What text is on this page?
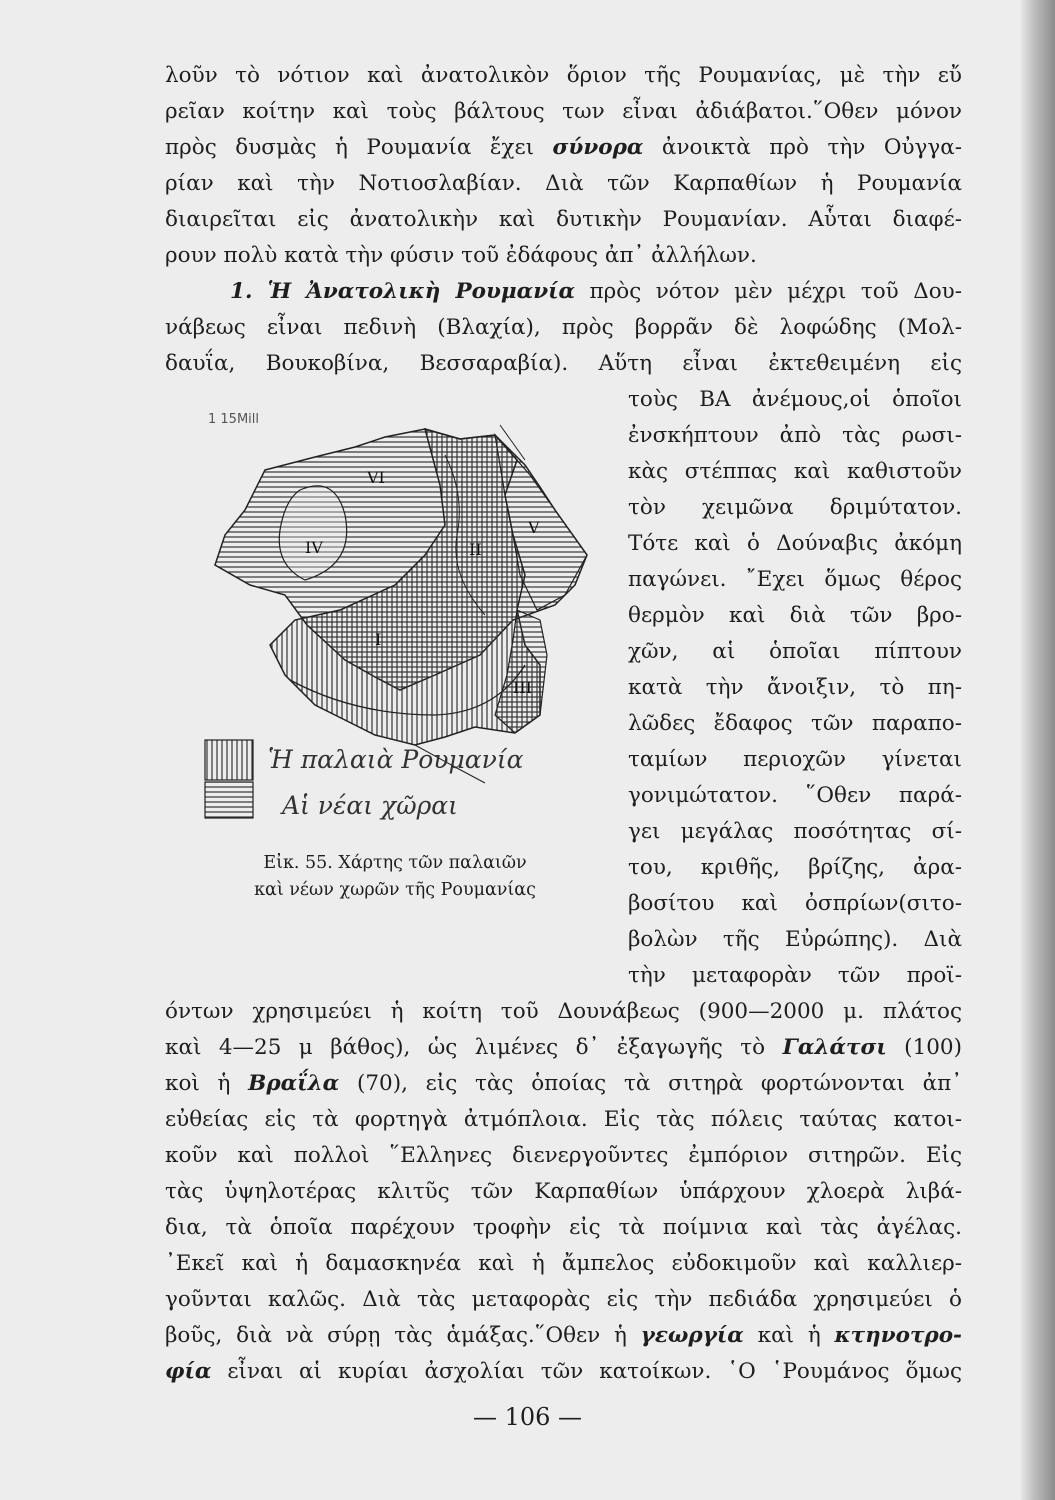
λοῦν τὸ νότιον καὶ ἀνατολικὸν ὅριον τῆς Ρουμανίας, μὲ τὴν εὔ
ρεῖαν κοίτην καὶ τοὺς βάλτους των εἶναι ἀδιάβατοι.῞Οθεν μόνον
πρὸς δυσμὰς ἡ Ρουμανία ἔχει σύνορα ἀνοικτὰ πρὸ τὴν Οὐγγα-
ρίαν καὶ τὴν Νοτιοσλαβίαν. Διὰ τῶν Καρπαθίων ἡ Ρουμανία
διαιρεῖται εἰς ἀνατολικὴν καὶ δυτικὴν Ρουμανίαν. Αὗται διαφέ-
ρουν πολὺ κατὰ τὴν φύσιν τοῦ ἐδάφους ἀπ᾿ ἀλλήλων.
1. Ἡ Ἀνατολικὴ Ρουμανία πρὸς νότον μὲν μέχρι τοῦ Δου-
νάβεως εἶναι πεδινὴ (Βλαχία), πρὸς βορρᾶν δὲ λοφώδης (Μολ-
δαυΐα, Βουκοβίνα, Βεσσαραβία). Αὕτη εἶναι ἐκτεθειμένη εἰς
τοὺς ΒΑ ἀνέμους,οἱ ὁποῖοι
ἐνσκήπτουν ἀπὸ τὰς ρωσι-
κὰς στέππας καὶ καθιστοῦν
τὸν χειμῶνα δριμύτατον.
Τότε καὶ ὁ Δούναβις ἀκόμη
παγώνει. ῎Εχει ὅμως θέρος
θερμὸν καὶ διὰ τῶν βρο-
χῶν, αἱ ὁποῖαι πίπτουν
κατὰ τὴν ἄνοιξιν, τὸ πη-
λῶδες ἔδαφος τῶν παραπο-
ταμίων περιοχῶν γίνεται
γονιμώτατον. ῞Οθεν παρά-
γει μεγάλας ποσότητας σί-
του, κριθῆς, βρίζης, ἀρα-
βοσίτου καὶ ὀσπρίων(σιτο-
βολὼν τῆς Εὐρώπης). Διὰ
τὴν μεταφορὰν τῶν προϊ-
1 15Mill
VI
IV	II
V
I
III
Ἡ παλαιὰ Ρουμανία
Αἱ νέαι χῶραι
Εἰκ. 55. Χάρτης τῶν παλαιῶν
καὶ νέων χωρῶν τῆς Ρουμανίας
όντων χρησιμεύει ἡ κοίτη τοῦ Δουνάβεως (900—2000 μ. πλάτος
καὶ 4—25 μ βάθος), ὡς λιμένες δ᾿ ἐξαγωγῆς τὸ Γαλάτσι (100)
κοὶ ἡ Βραΐλα (70), εἰς τὰς ὁποίας τὰ σιτηρὰ φορτώνονται ἀπ᾿
εὐθείας εἰς τὰ φορτηγὰ ἀτμόπλοια. Εἰς τὰς πόλεις ταύτας κατοι-
κοῦν καὶ πολλοὶ ῞Ελληνες διενεργοῦντες ἐμπόριον σιτηρῶν. Εἰς
τὰς ὑψηλοτέρας κλιτῦς τῶν Καρπαθίων ὑπάρχουν χλοερὰ λιβά-
δια, τὰ ὁποῖα παρέχουν τροφὴν εἰς τὰ ποίμνια καὶ τὰς ἀγέλας.
᾿Εκεῖ καὶ ἡ δαμασκηνέα καὶ ἡ ἄμπελος εὐδοκιμοῦν καὶ καλλιερ-
γοῦνται καλῶς. Διὰ τὰς μεταφορὰς εἰς τὴν πεδιάδα χρησιμεύει ὁ
βοῦς, διὰ νὰ σύρῃ τὰς ἁμάξας.῞Οθεν ἡ γεωργία καὶ ἡ κτηνοτρο-
φία εἶναι αἱ κυρίαι ἀσχολίαι τῶν κατοίκων. ῾Ο ῾Ρουμάνος ὅμως
— 106 —
